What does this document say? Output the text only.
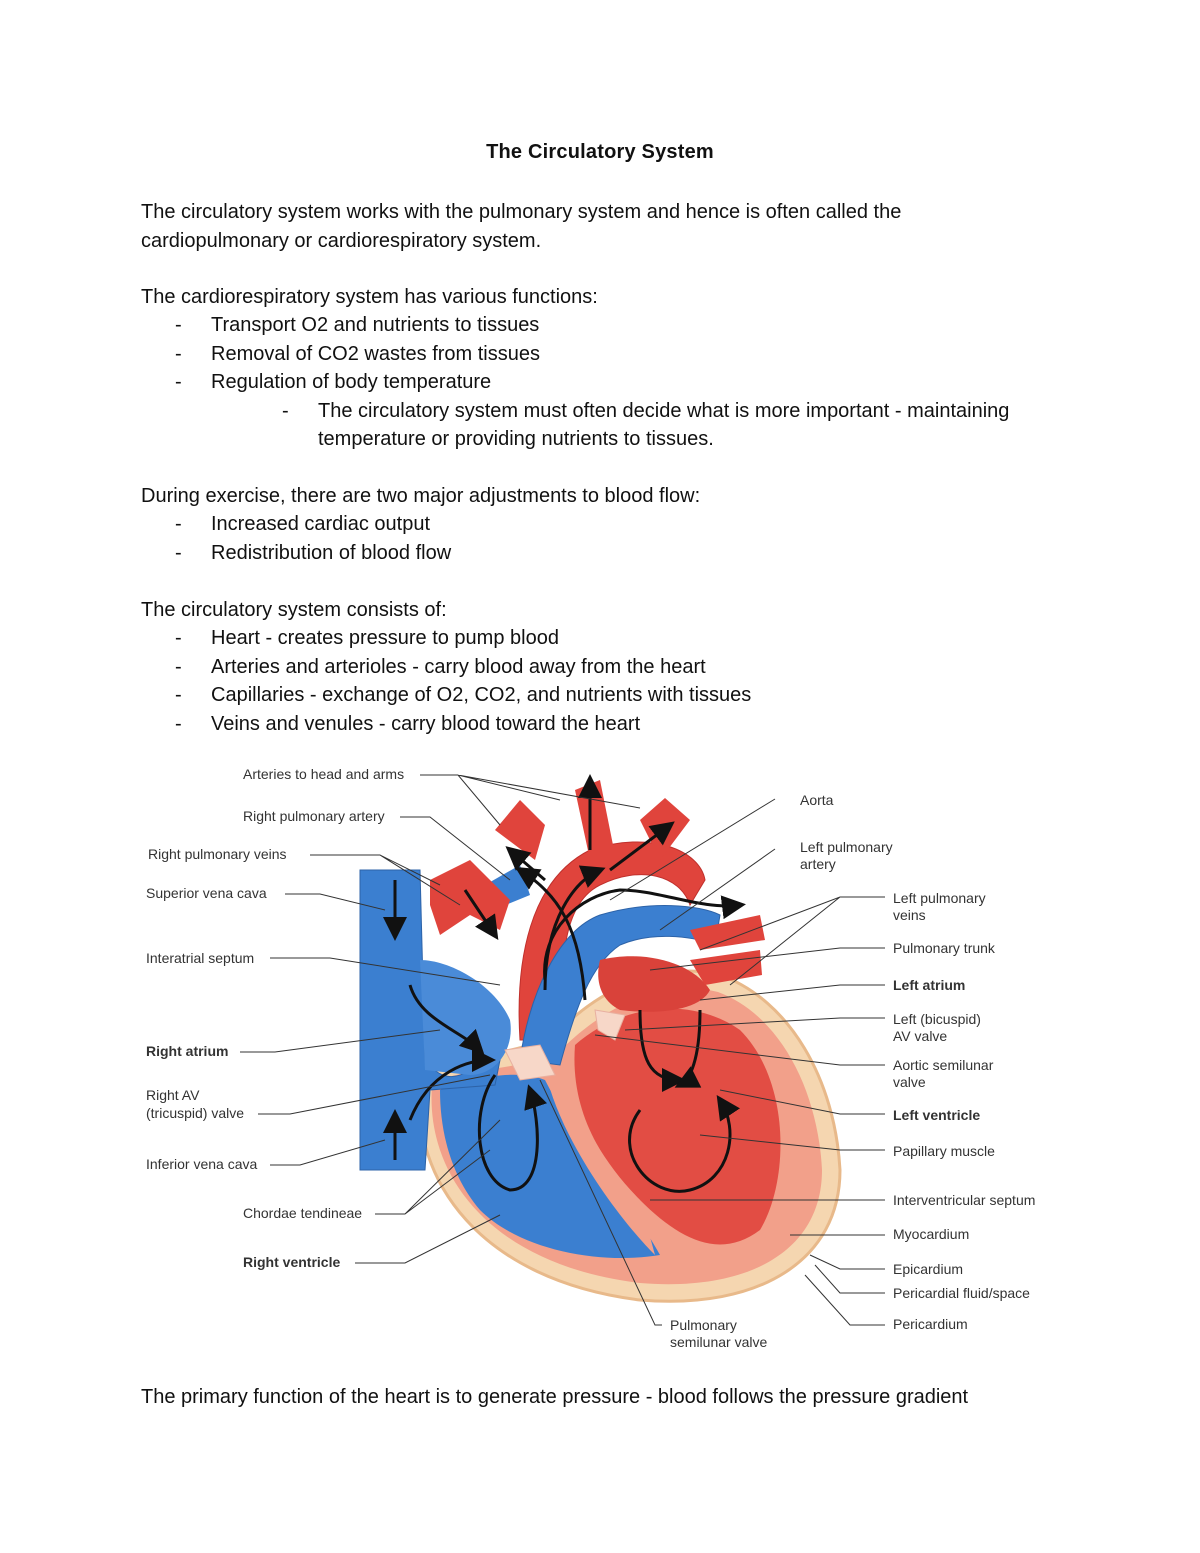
The Circulatory System
The circulatory system works with the pulmonary system and hence is often called the
cardiopulmonary or cardiorespiratory system.
The cardiorespiratory system has various functions:
- Transport O2 and nutrients to tissues
- Removal of CO2 wastes from tissues
- Regulation of body temperature
- The circulatory system must often decide what is more important - maintaining
temperature or providing nutrients to tissues.
During exercise, there are two major adjustments to blood flow:
- Increased cardiac output
- Redistribution of blood flow
The circulatory system consists of:
- Heart - creates pressure to pump blood
- Arteries and arterioles - carry blood away from the heart
- Capillaries - exchange of O2, CO2, and nutrients with tissues
- Veins and venules - carry blood toward the heart
Arteries to head and arms
Right pulmonary artery
Right pulmonary veins
Superior vena cava
Interatrial septum
Right atrium
Right AV
(tricuspid) valve
Inferior vena cava
Chordae tendineae
Right ventricle
Aorta
Left pulmonary
artery
Left pulmonary
veins
Pulmonary trunk
Left atrium
Left (bicuspid)
AV valve
Aortic semilunar
valve
Left ventricle
Papillary muscle
Interventricular septum
Myocardium
Epicardium
Pericardial fluid/space
Pericardium
Pulmonary
semilunar valve
The primary function of the heart is to generate pressure - blood follows the pressure gradient
